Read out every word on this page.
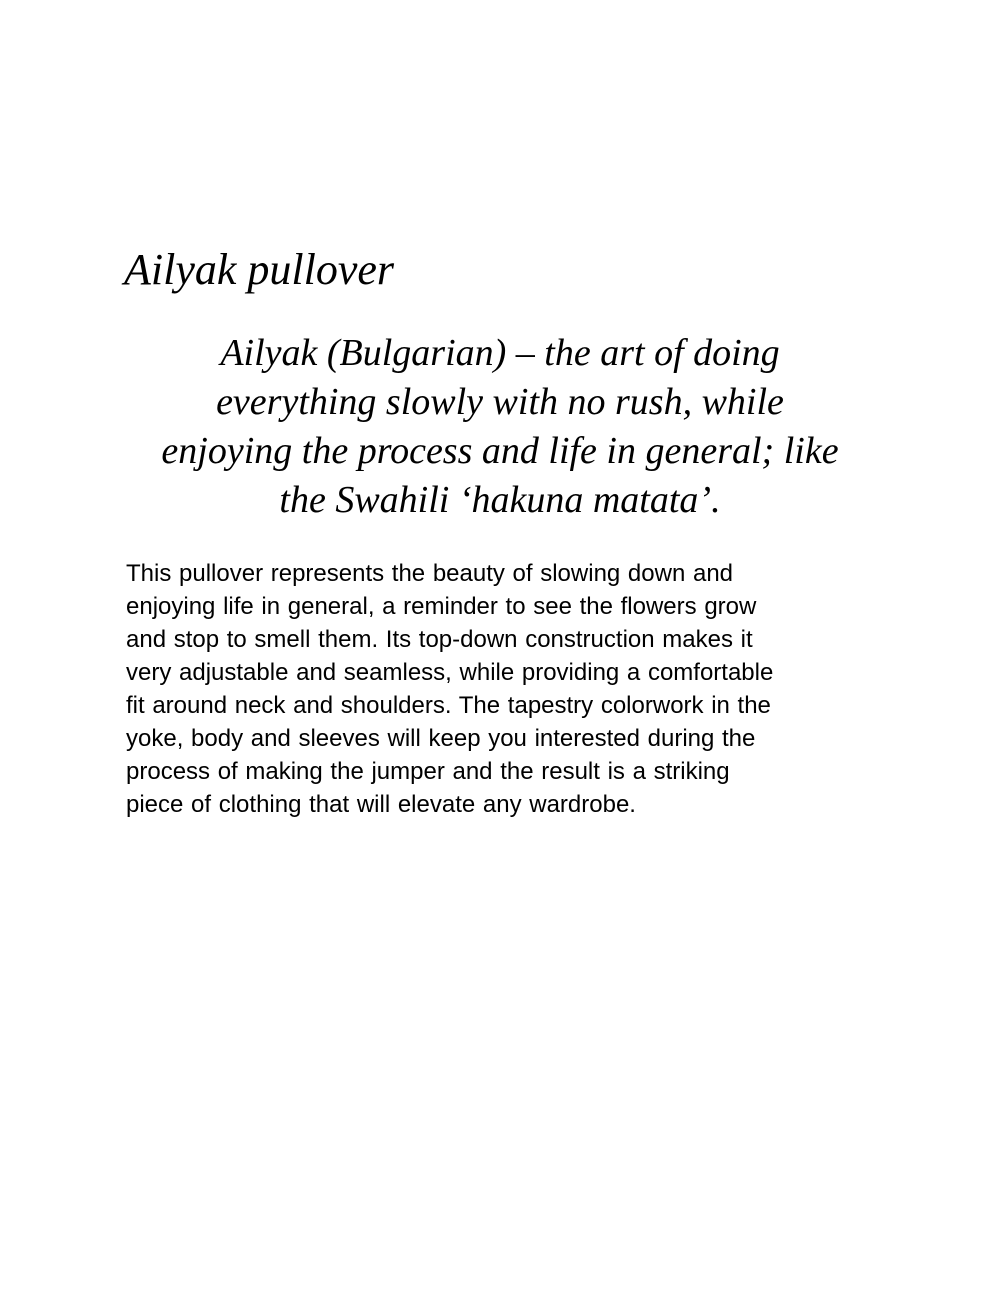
Ailyak pullover

Ailyak (Bulgarian) – the art of doing
everything slowly with no rush, while
enjoying the process and life in general; like
the Swahili ‘hakuna matata’.

This pullover represents the beauty of slowing down and
enjoying life in general, a reminder to see the flowers grow
and stop to smell them. Its top-down construction makes it
very adjustable and seamless, while providing a comfortable
fit around neck and shoulders. The tapestry colorwork in the
yoke, body and sleeves will keep you interested during the
process of making the jumper and the result is a striking
piece of clothing that will elevate any wardrobe.
